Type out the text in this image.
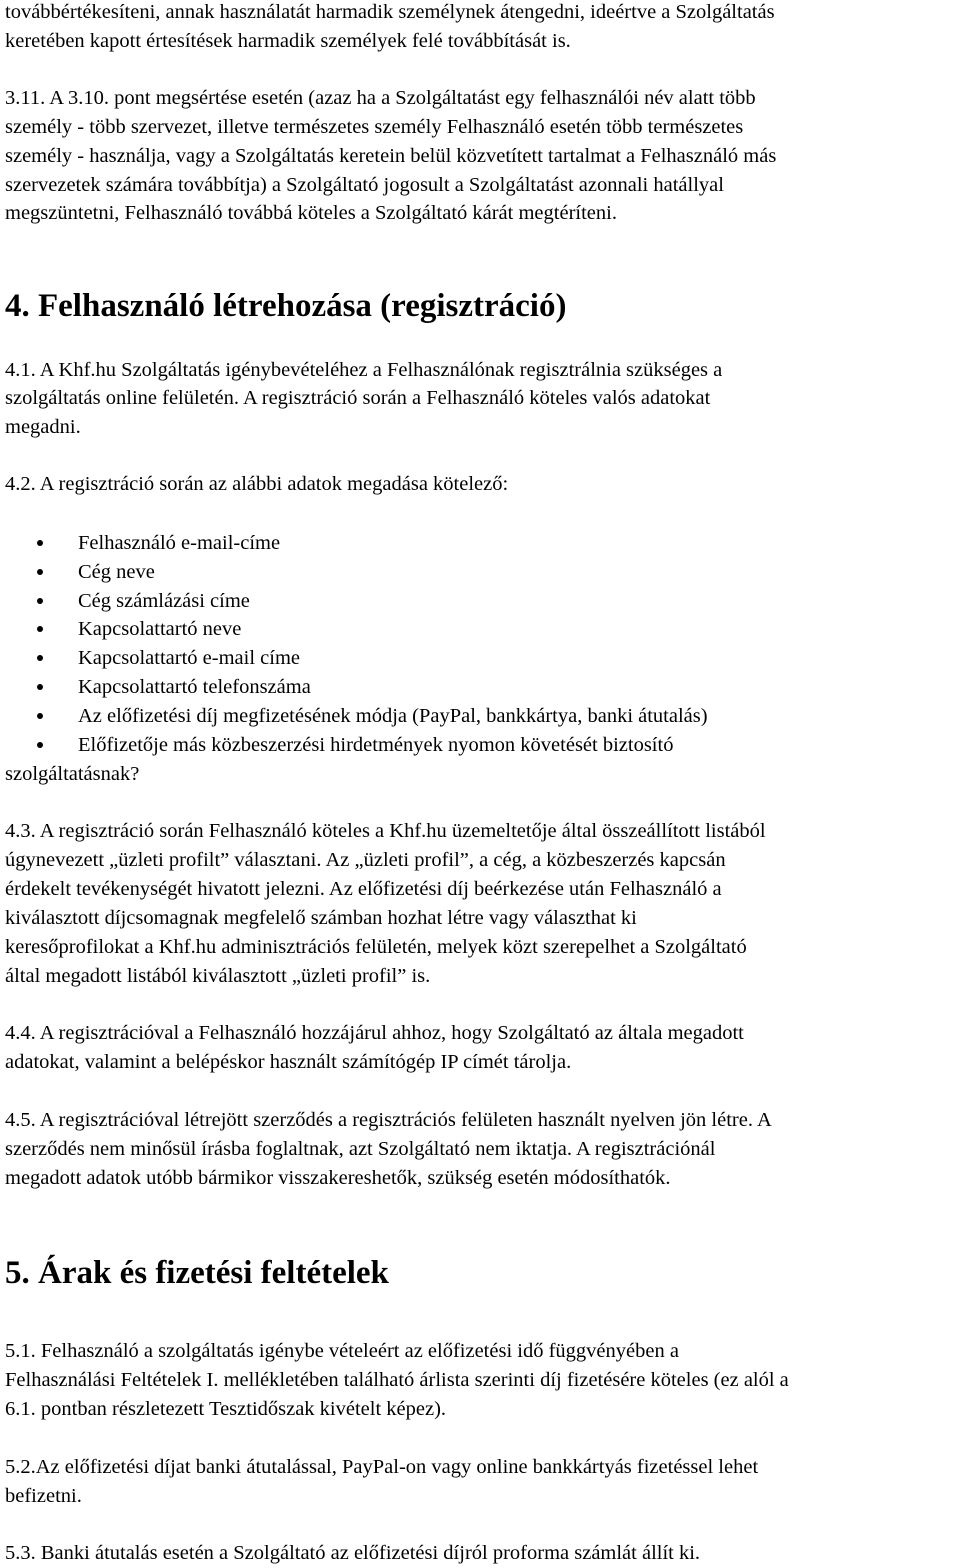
továbbértékesíteni, annak használatát harmadik személynek átengedni, ideértve a Szolgáltatás

keretében kapott értesítések harmadik személyek felé továbbítását is.

3.11. A 3.10. pont megsértése esetén (azaz ha a Szolgáltatást egy felhasználói név alatt több

személy - több szervezet, illetve természetes személy Felhasználó esetén több természetes

személy - használja, vagy a Szolgáltatás keretein belül közvetített tartalmat a Felhasználó más

szervezetek számára továbbítja) a Szolgáltató jogosult a Szolgáltatást azonnali hatállyal

megszüntetni, Felhasználó továbbá köteles a Szolgáltató kárát megtéríteni.

4. Felhasználó létrehozása (regisztráció)

4.1. A Khf.hu Szolgáltatás igénybevételéhez a Felhasználónak regisztrálnia szükséges a

szolgáltatás online felületén. A regisztráció során a Felhasználó köteles valós adatokat

megadni.

4.2. A regisztráció során az alábbi adatok megadása kötelező:

Felhasználó e-mail-címe

Cég neve

Cég számlázási címe

Kapcsolattartó neve

Kapcsolattartó e-mail címe

Kapcsolattartó telefonszáma

Az előfizetési díj megfizetésének módja (PayPal, bankkártya, banki átutalás)

Előfizetője más közbeszerzési hirdetmények nyomon követését biztosító

szolgáltatásnak?

4.3. A regisztráció során Felhasználó köteles a Khf.hu üzemeltetője által összeállított listából

úgynevezett „üzleti profilt” választani. Az „üzleti profil”, a cég, a közbeszerzés kapcsán

érdekelt tevékenységét hivatott jelezni. Az előfizetési díj beérkezése után Felhasználó a

kiválasztott díjcsomagnak megfelelő számban hozhat létre vagy választhat ki

keresőprofilokat a Khf.hu adminisztrációs felületén, melyek közt szerepelhet a Szolgáltató

által megadott listából kiválasztott „üzleti profil” is.

4.4. A regisztrációval a Felhasználó hozzájárul ahhoz, hogy Szolgáltató az általa megadott

adatokat, valamint a belépéskor használt számítógép IP címét tárolja.

4.5. A regisztrációval létrejött szerződés a regisztrációs felületen használt nyelven jön létre. A

szerződés nem minősül írásba foglaltnak, azt Szolgáltató nem iktatja. A regisztrációnál

megadott adatok utóbb bármikor visszakereshetők, szükség esetén módosíthatók.

5. Árak és fizetési feltételek

5.1. Felhasználó a szolgáltatás igénybe vételeért az előfizetési idő függvényében a

Felhasználási Feltételek I. mellékletében található árlista szerinti díj fizetésére köteles (ez alól a

6.1. pontban részletezett Tesztidőszak kivételt képez).

5.2.Az előfizetési díjat banki átutalással, PayPal-on vagy online bankkártyás fizetéssel lehet

befizetni.

5.3. Banki átutalás esetén a Szolgáltató az előfizetési díjról proforma számlát állít ki.
